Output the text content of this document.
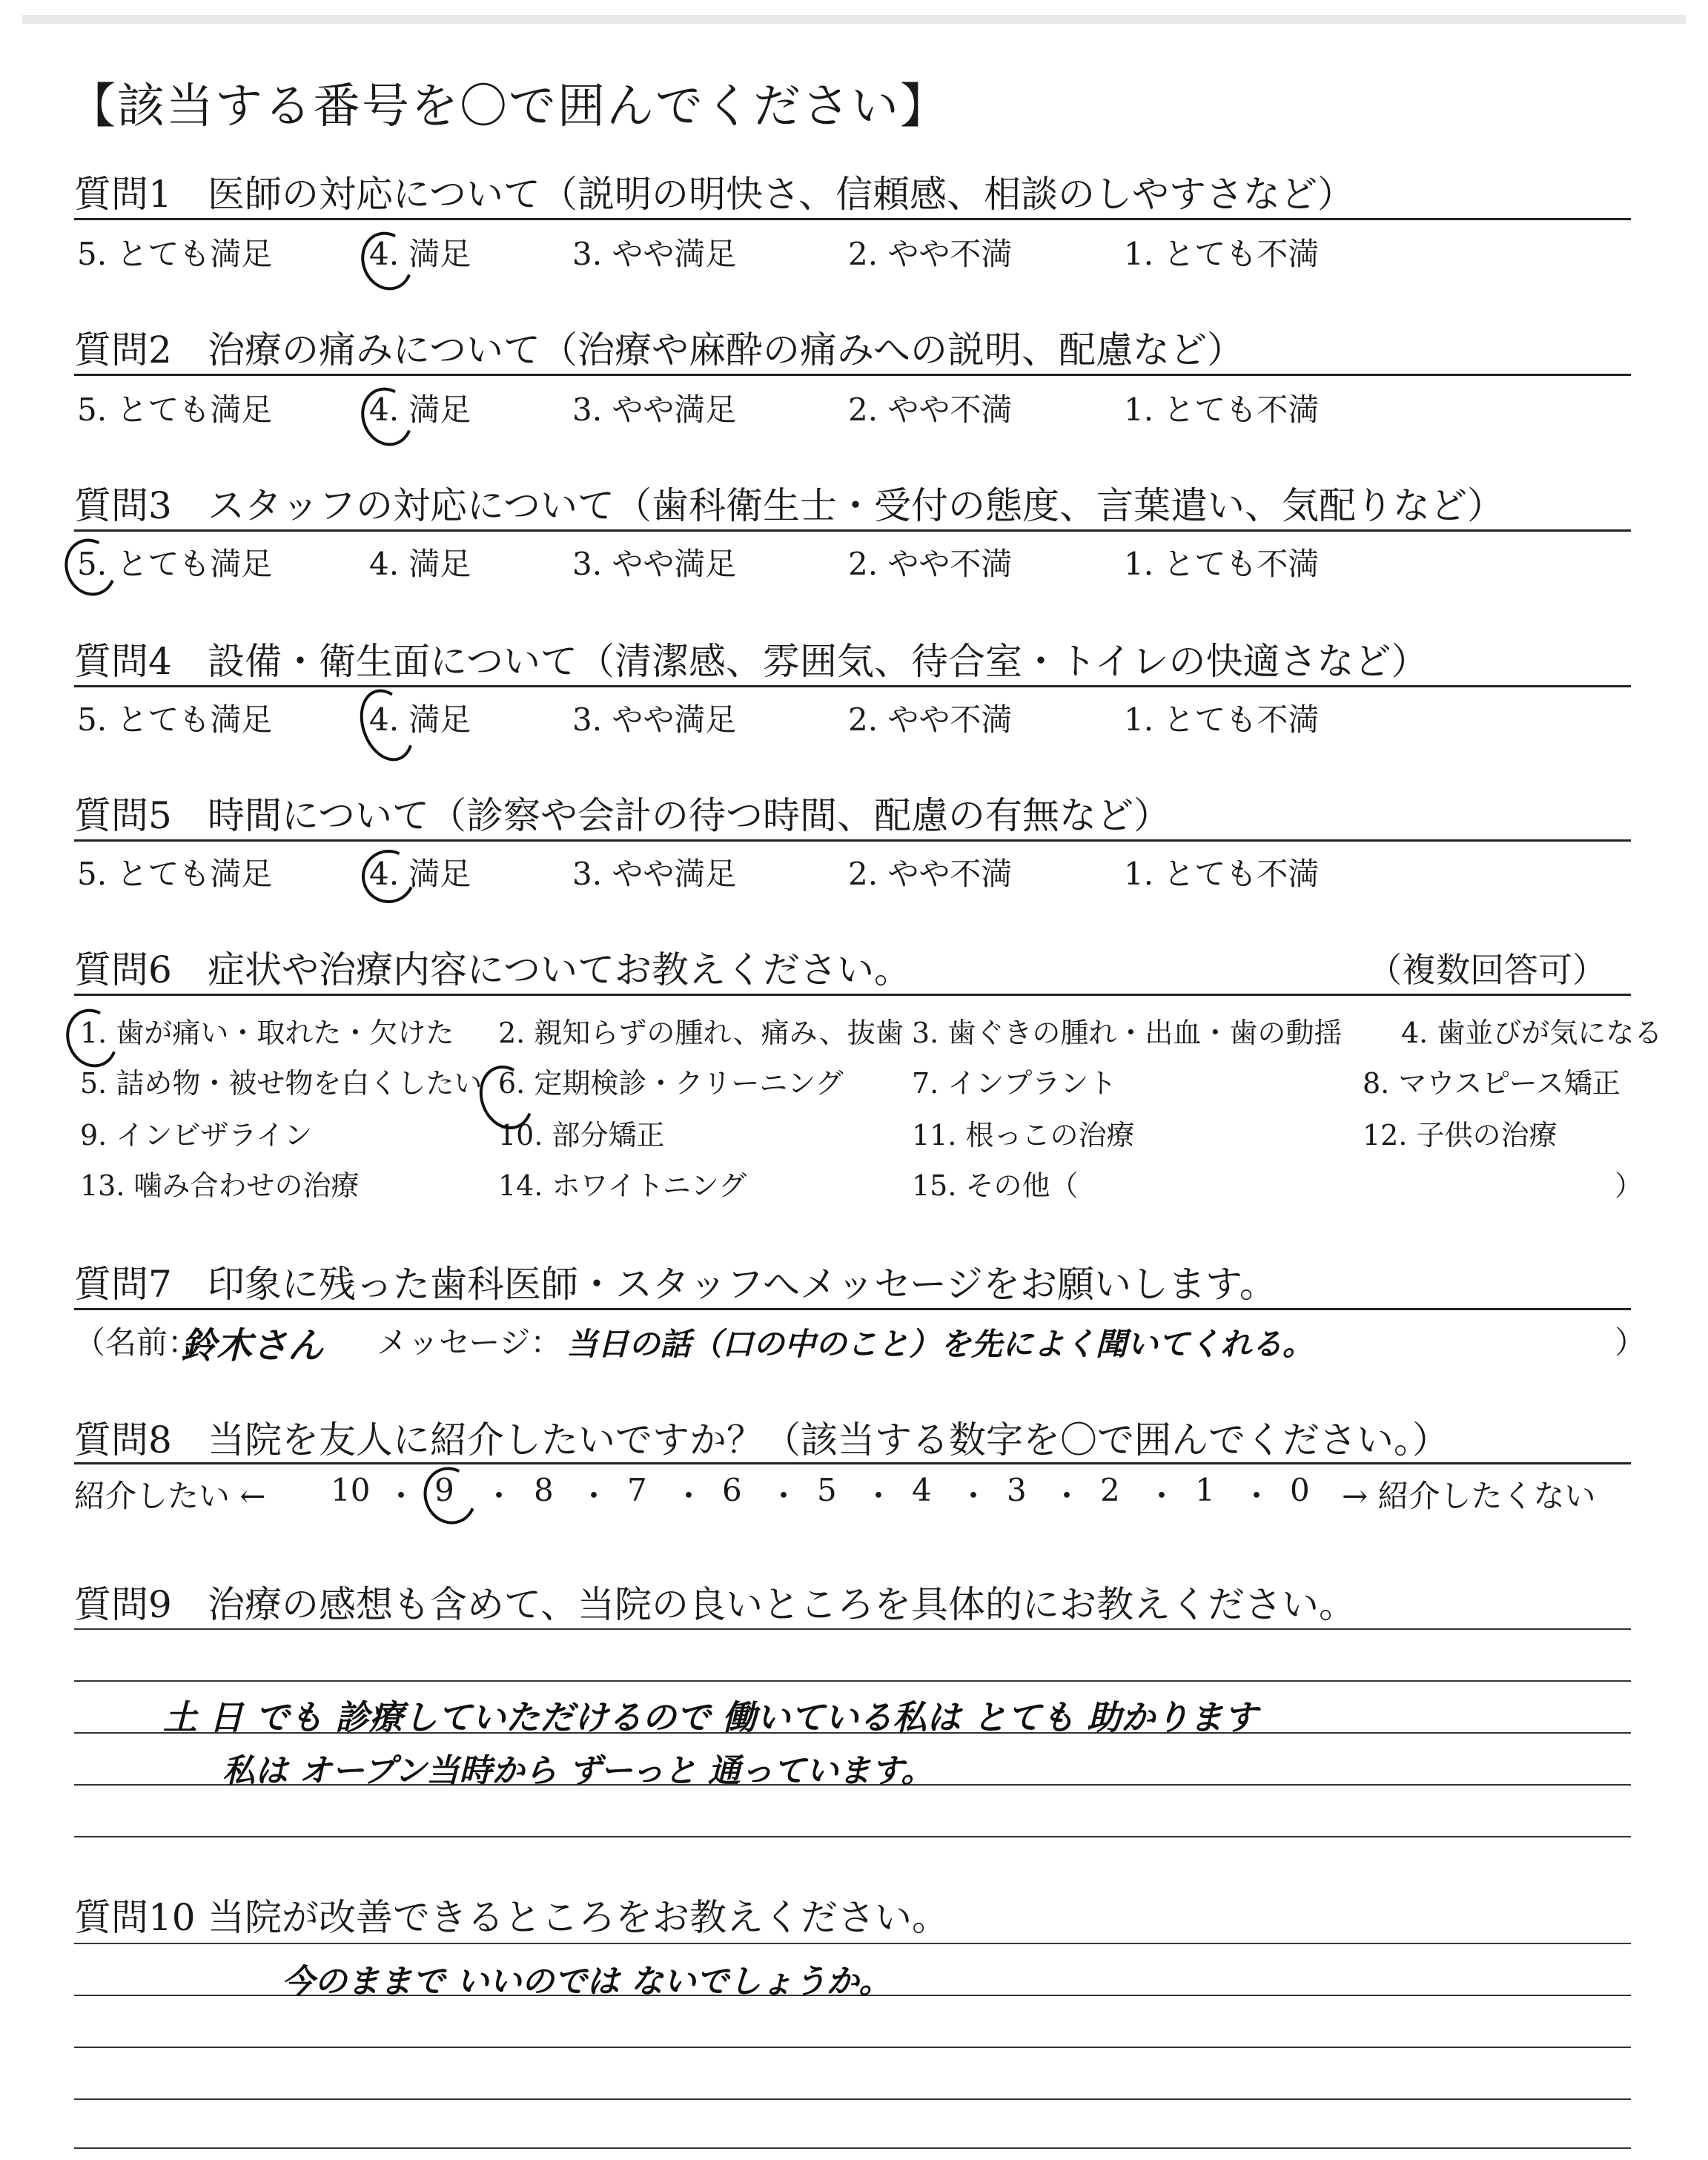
【該当する番号を〇で囲んでください】
質問1 医師の対応について（説明の明快さ、信頼感、相談のしやすさなど）
5. とても満足	4. 満足	3. やや満足	2. やや不満	1. とても不満
質問2 治療の痛みについて（治療や麻酔の痛みへの説明、配慮など）
5. とても満足	4. 満足	3. やや満足	2. やや不満	1. とても不満
質問3 スタッフの対応について（歯科衛生士・受付の態度、言葉遣い、気配りなど）
5. とても満足	4. 満足	3. やや満足	2. やや不満	1. とても不満
質問4 設備・衛生面について（清潔感、雰囲気、待合室・トイレの快適さなど）
5. とても満足	4. 満足	3. やや満足	2. やや不満	1. とても不満
質問5 時間について（診察や会計の待つ時間、配慮の有無など）
5. とても満足	4. 満足	3. やや満足	2. やや不満	1. とても不満
質問6 症状や治療内容についてお教えください。	（複数回答可）
1. 歯が痛い・取れた・欠けた 2. 親知らずの腫れ、痛み、抜歯 3. 歯ぐきの腫れ・出血・歯の動揺 4. 歯並びが気になる
5. 詰め物・被せ物を白くしたい 6. 定期検診・クリーニング 7. インプラント	8. マウスピース矯正
9. インビザライン	10. 部分矯正	11. 根っこの治療	12. 子供の治療
13. 噛み合わせの治療	14. ホワイトニング	15. その他（	）
質問7 印象に残った歯科医師・スタッフへメッセージをお願いします。
（名前：
鈴木さん メッセージ： 当日の話（口の中のこと）を先によく聞いてくれる。	）
質問8 当院を友人に紹介したいですか？（該当する数字を〇で囲んでください。）
紹介したい ← 10 9	8 7 6 5 4 3 2 1 0
・ ・ ・ ・ ・ ・ ・ ・ ・ ・ → 紹介したくない
質問9 治療の感想も含めて、当院の良いところを具体的にお教えください。
土 日 でも 診療していただけるので 働いている私は とても 助かります
私は オープン当時から ずーっと 通っています。
質問10 当院が改善できるところをお教えください。
今のままで いいのでは ないでしょうか。
